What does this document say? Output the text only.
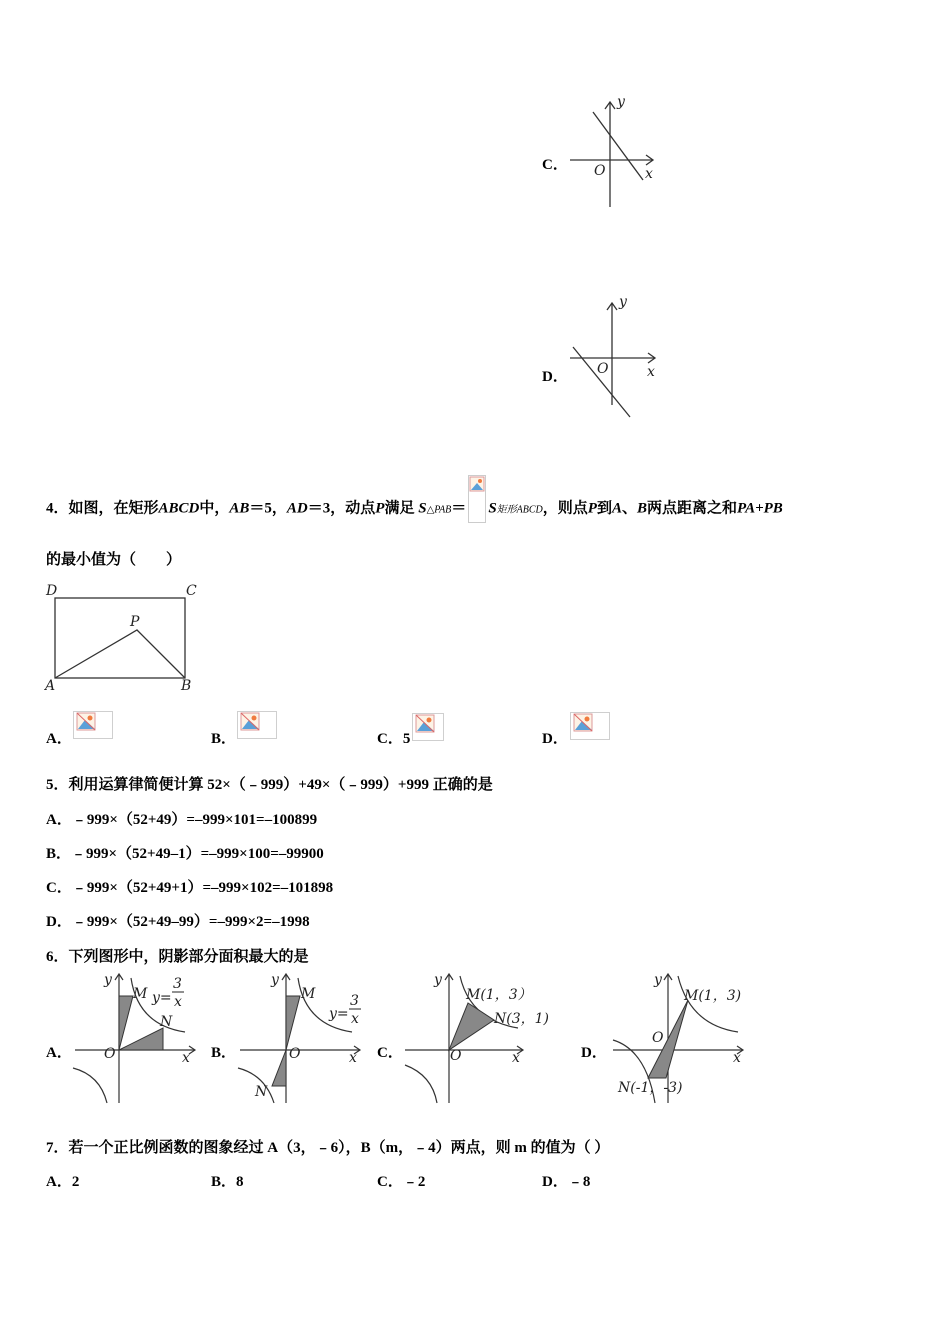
C．
y
x
O
D．
y
x
O
4．如图，在矩形ABCD中，AB＝5，AD＝3，动点P满足 S△PAB＝ S矩形ABCD，则点P到A、B两点距离之和PA+PB
的最小值为（　　）
D	C
P
A	B
A．	B．	C．5	D．
5．利用运算律简便计算 52×（﹣999）+49×（﹣999）+999 正确的是
A．﹣999×（52+49）=–999×101=–100899
B．﹣999×（52+49–1）=–999×100=–99900
C．﹣999×（52+49+1）=–999×102=–101898
D．﹣999×（52+49–99）=–999×2=–1998
6．下列图形中，阴影部分面积最大的是
A．
y
x
O
M
N
y=
3
x
B．
y
x
O
M
N
y=
3
x
C．
y
x
O
M(1，3）
N(3，1)
D．
y
x
O
M(1，3)
N(-1，-3)
7．若一个正比例函数的图象经过 A（3，﹣6），B（m，﹣4）两点，则 m 的值为（ ）
A．2	B．8	C．﹣2	D．﹣8
